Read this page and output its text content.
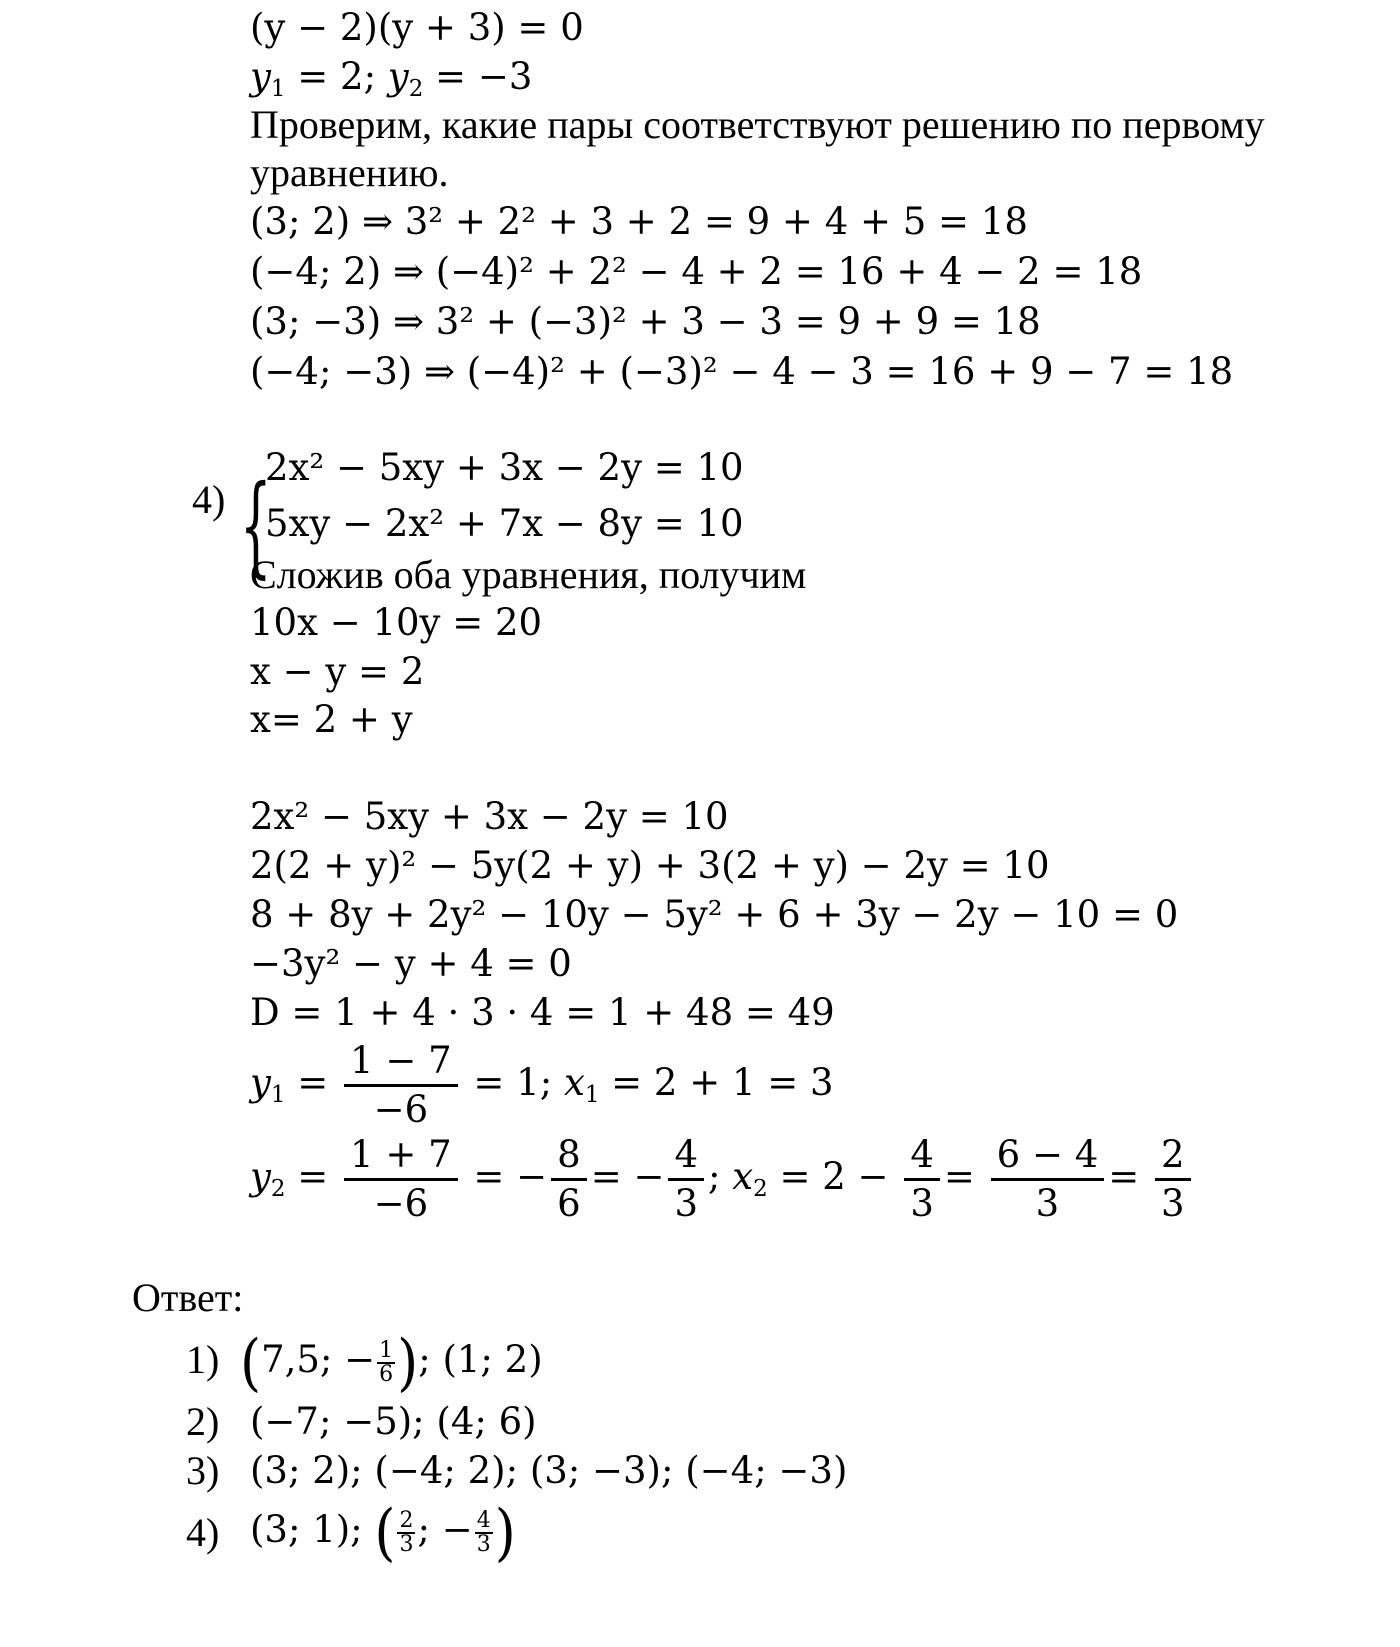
(y − 2)(y + 3) = 0
$y_1 = 2$; $y_2 = -3$
Проверим, какие пары соответствуют решению по первому
уравнению.
(3; 2) ⇒ 3² + 2² + 3 + 2 = 9 + 4 + 5 = 18
(−4; 2) ⇒ (−4)² + 2² − 4 + 2 = 16 + 4 − 2 = 18
(3; −3) ⇒ 3² + (−3)² + 3 − 3 = 9 + 9 = 18
(−4; −3) ⇒ (−4)² + (−3)² − 4 − 3 = 16 + 9 − 7 = 18
4) {
2x² − 5xy + 3x − 2y = 10
5xy − 2x² + 7x − 8y = 10
Сложив оба уравнения, получим
10x − 10y = 20
x − y = 2
x= 2 + y
2x² − 5xy + 3x − 2y = 10
2(2 + y)² − 5y(2 + y) + 3(2 + y) − 2y = 10
8 + 8y + 2y² − 10y − 5y² + 6 + 3y − 2y − 10 = 0
−3y² − y + 4 = 0
D = 1 + 4 · 3 · 4 = 1 + 48 = 49
$y_1 = \frac{1 - 7}{-6} = 1$; $x_1 = 2 + 1 = 3$
$y_2 = \frac{1 + 7}{-6}$ = − $\frac{8}{6}$ = − $\frac{4}{3}$ ; $x_2 = 2 - \frac{4}{3} = \frac{6 - 4}{3} = \frac{2}{3}$
Ответ:
1) (7,5; − $\frac{1}{6}$ ); (1; 2)
2) (−7; −5); (4; 6)
3) (3; 2); (−4; 2); (3; −3); (−4; −3)
4) (3; 1); ( $\frac{2}{3}$ ; − $\frac{4}{3}$ )
